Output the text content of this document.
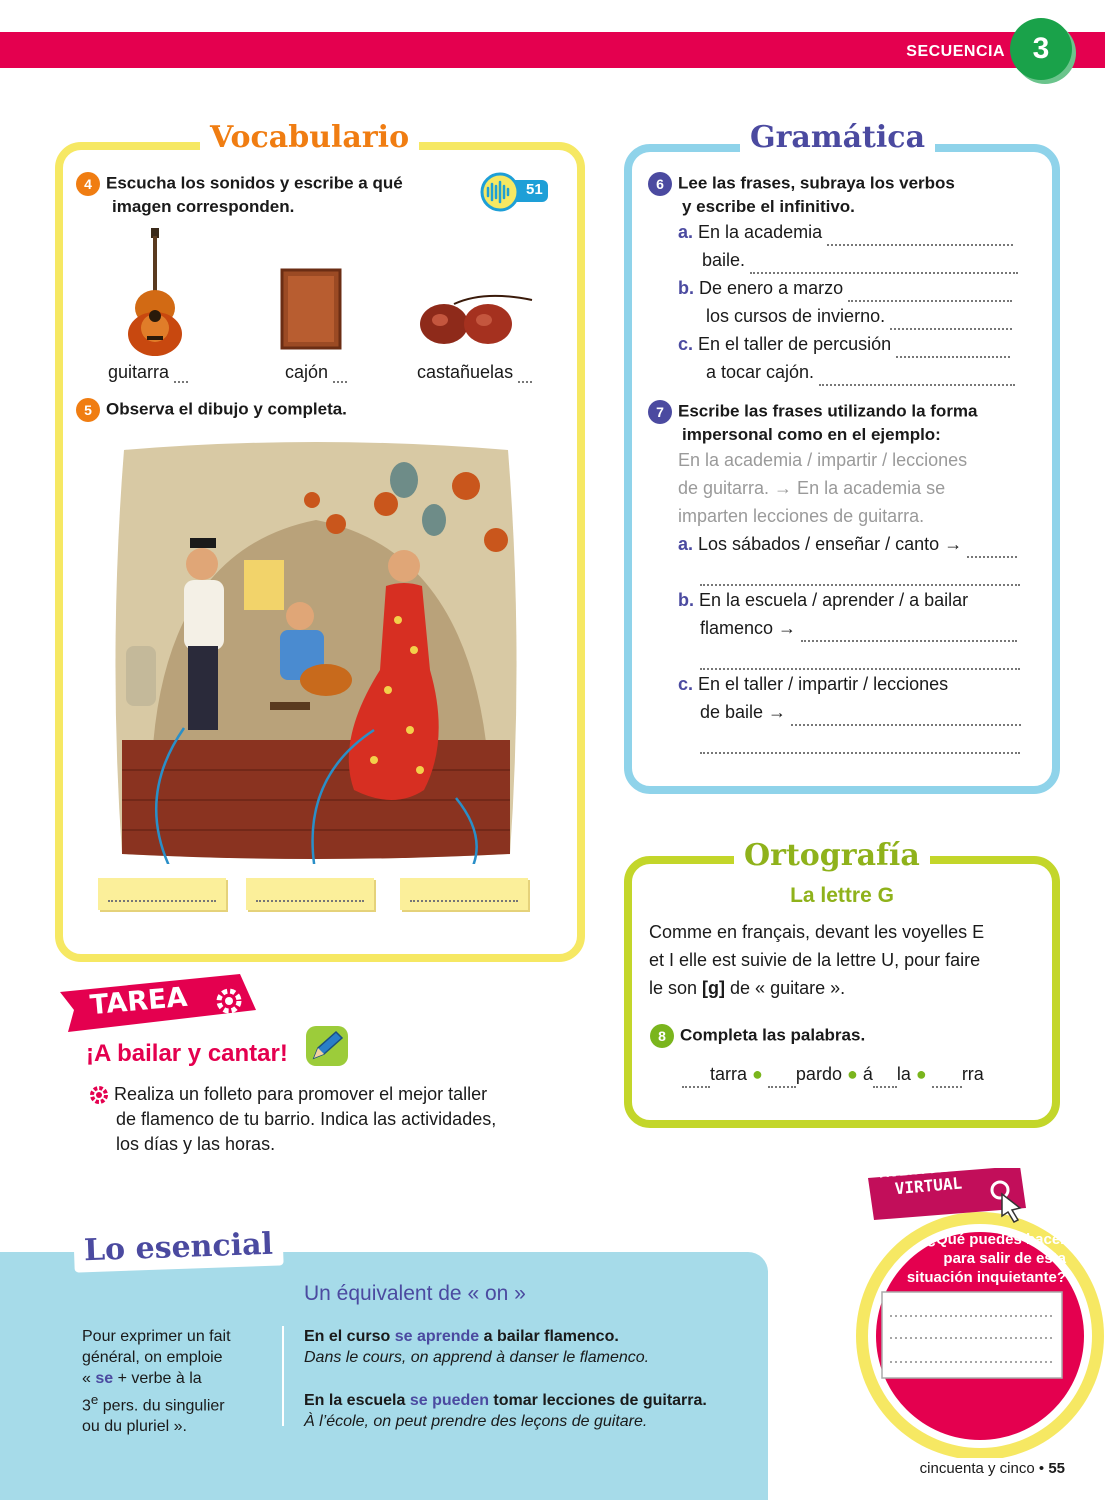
SECUENCIA 3
Vocabulario
4 Escucha los sonidos y escribe a qué
imagen corresponden.
51
guitarra	cajón	castañuelas
5 Observa el dibujo y completa.
Gramática
6 Lee las frases, subraya los verbos
y escribe el infinitivo.
a. En la academia
baile.
b. De enero a marzo
los cursos de invierno.
c. En el taller de percusión
a tocar cajón.
7 Escribe las frases utilizando la forma
impersonal como en el ejemplo:
En la academia / impartir / lecciones
de guitarra. → En la academia se
imparten lecciones de guitarra.
a. Los sábados / enseñar / canto →
b. En la escuela / aprender / a bailar
flamenco →
c. En el taller / impartir / lecciones
de baile →
Ortografía
La lettre G
Comme en français, devant les voyelles E
et I elle est suivie de la lettre U, pour faire
le son [g] de « guitare ».
8 Completa las palabras.
tarra ● pardo ● á la ● rra
TAREA
¡A bailar y cantar!
Realiza un folleto para promover el mejor taller
de flamenco de tu barrio. Indica las actividades,
los días y las horas.
Lo esencial
Un équivalent de « on »
Pour exprimer un fait
général, on emploie
« se + verbe à la
3e pers. du singulier
ou du pluriel ».
En el curso se aprende a bailar flamenco.
Dans le cours, on apprend à danser le flamenco.
En la escuela se pueden tomar lecciones de guitarra.
À l’école, on peut prendre des leçons de guitare.
AVENTURA
VIRTUAL
¿Qué puedes hacer
para salir de esta
situación inquietante?
cincuenta y cinco • 55
